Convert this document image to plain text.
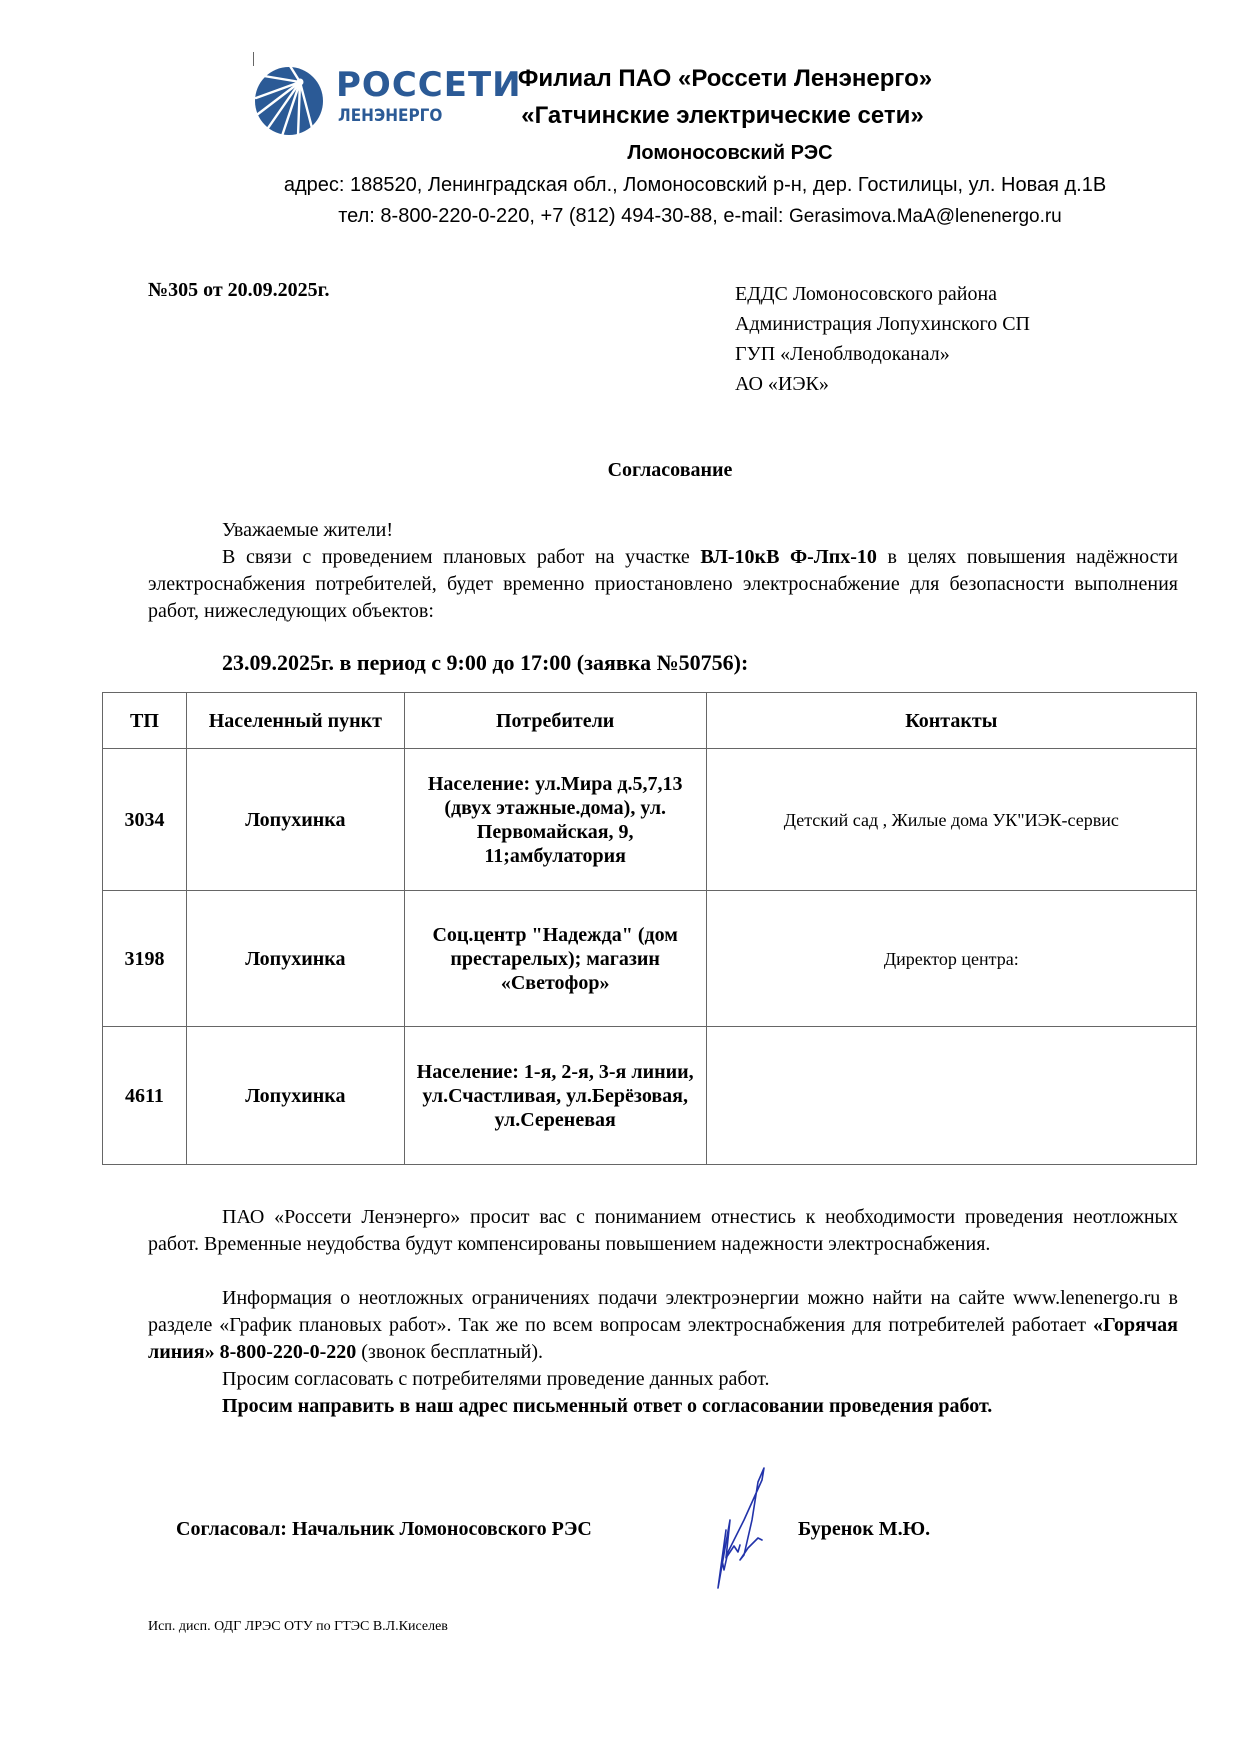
РОССЕТИ
ЛЕНЭНЕРГО
Филиал ПАО «Россети Ленэнерго»
«Гатчинские электрические сети»
Ломоносовский РЭС
адрес: 188520, Ленинградская обл., Ломоносовский р-н, дер. Гостилицы, ул. Новая д.1В
тел: 8-800-220-0-220, +7 (812) 494-30-88, e-mail: Gerasimova.MaA@lenenergo.ru
№305 от 20.09.2025г.	ЕДДС Ломоносовского района
Администрация Лопухинского СП
ГУП «Леноблводоканал»
АО «ИЭК»
Согласование
Уважаемые жители!
В связи с проведением плановых работ на участке ВЛ-10кВ Ф-Лпх-10 в целях повышения надёжности электроснабжения потребителей, будет временно приостановлено электроснабжение для безопасности выполнения работ, нижеследующих объектов:
23.09.2025г. в период с 9:00 до 17:00 (заявка №50756):
ТП	Населенный пункт	Потребители	Контакты
3034	Лопухинка	Население: ул.Мира д.5,7,13 (двух этажные.дома), ул. Первомайская, 9, 11;амбулатория	Детский сад , Жилые дома УК"ИЭК-сервис
3198	Лопухинка	Соц.центр "Надежда" (дом престарелых); магазин «Светофор»	Директор центра:
4611	Лопухинка	Население: 1-я, 2-я, 3-я линии, ул.Счастливая, ул.Берёзовая, ул.Сереневая	
ПАО «Россети Ленэнерго» просит вас с пониманием отнестись к необходимости проведения неотложных работ. Временные неудобства будут компенсированы повышением надежности электроснабжения.
Информация о неотложных ограничениях подачи электроэнергии можно найти на сайте www.lenenergo.ru в разделе «График плановых работ». Так же по всем вопросам электроснабжения для потребителей работает «Горячая линия» 8-800-220-0-220 (звонок бесплатный).
Просим согласовать с потребителями проведение данных работ.
Просим направить в наш адрес письменный ответ о согласовании проведения работ.
Согласовал: Начальник Ломоносовского РЭС	Буренок М.Ю.
Исп. дисп. ОДГ ЛРЭС ОТУ по ГТЭС В.Л.Киселев
